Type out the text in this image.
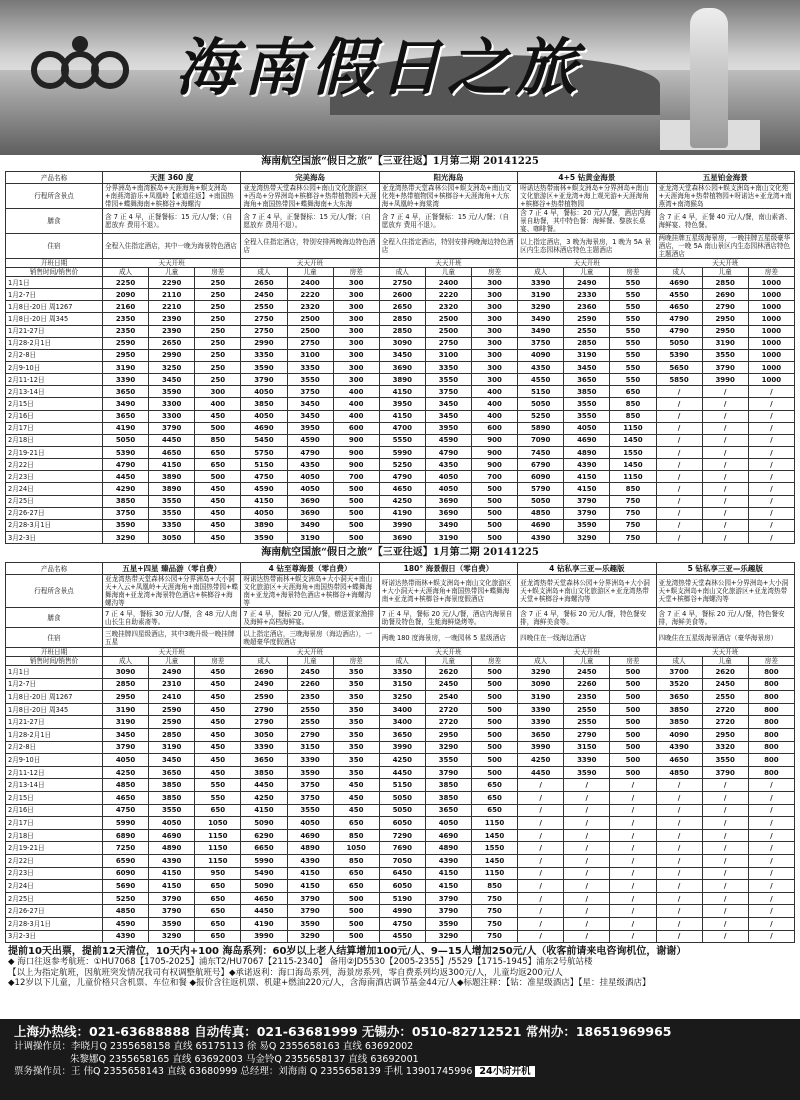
海南假日之旅
海南航空国旅“假日之旅”【三亚往返】1月第二期 20141225
产品名称	天涯 360 度			完美海岛			阳光海岛			4+5 钻黄金海景			五星铂金海景		
行程所含景点	分界洲岛+南湾猴岛+天涯海角+蜈支洲岛+南燕湾游乐+凤凰岭【索道往返】+南国热带园+蝶舞海南+槟榔谷+海螺沟			亚龙湾热带天堂森林公园+南山文化旅游区+西岛+分界洲岛+槟榔谷+热带植物园+天涯海角+南国热带园+蝶舞海南+大东海			亚龙湾热带天堂森林公园+蜈支洲岛+南山文化苑+热带植物园+槟榔谷+天涯海角+大东海+凤凰岭+海棠湾			呀诺达热带雨林+蜈支洲岛+分界洲岛+南山文化旅游区+亚龙湾+海上观光游+天涯海角+槟榔谷+热带植物园			亚龙湾天堂森林公园+蜈支洲岛+南山文化苑+天涯海角+热带植物园+呀诺达+亚龙湾+南燕湾+南湾猴岛		
膳食	含 7 正 4 早，正餐餐标：15 元/人/餐；（自愿放弃 费用不退）。			含 7 正 4 早，正餐餐标：15 元/人/餐；（自愿放弃 费用不退）。			含 7 正 4 早，正餐餐标：15 元/人/餐；（自愿放弃 费用不退）。			含 7 正 4 早，餐标：20 元/人/餐，酒店内海景自助餐，其中特色餐：海鲜餐、黎族长桌宴、咖啡餐。			含 7 正 4 早，正餐 40 元/人/餐，南山素斋、海鲜宴、特色餐。		
住宿	全程入住指定酒店，其中一晚为海景特色酒店			全程入住指定酒店，特别安排两晚海边特色酒店			全程入住指定酒店，特别安排两晚海边特色酒店			以上指定酒店，3 晚为海景房，1 晚为 5A 景区内生态园林酒店特色主题酒店			两晚挂牌五星级海景房，一晚挂牌五星级豪华酒店，一晚 5A 南山景区内生态园林酒店特色主题酒店		
开班日期	天天开班			天天开班			天天开班			天天开班			天天开班		
销售时间/销售价	成人	儿童	房差	成人	儿童	房差	成人	儿童	房差	成人	儿童	房差	成人	儿童	房差
1月1日	2250	2290	250	2650	2400	300	2750	2400	300	3390	2490	550	4690	2850	1000
1月2-7日	2090	2110	250	2450	2220	300	2600	2220	300	3190	2330	550	4550	2690	1000
1月8日-20日 周1267	2160	2210	250	2550	2320	300	2650	2320	300	3290	2360	550	4650	2790	1000
1月8日-20日 周345	2350	2390	250	2750	2500	300	2850	2500	300	3490	2590	550	4790	2950	1000
1月21-27日	2350	2390	250	2750	2500	300	2850	2500	300	3490	2550	550	4790	2950	1000
1月28-2月1日	2590	2650	250	2990	2750	300	3090	2750	300	3750	2850	550	5050	3190	1000
2月2-8日	2950	2990	250	3350	3100	300	3450	3100	300	4090	3190	550	5390	3550	1000
2月9-10日	3190	3250	250	3590	3350	300	3690	3350	300	4350	3450	550	5650	3790	1000
2月11-12日	3390	3450	250	3790	3550	300	3890	3550	300	4550	3650	550	5850	3990	1000
2月13-14日	3650	3590	300	4050	3750	400	4150	3750	400	5150	3850	650	/	/	/
2月15日	3490	3300	400	3850	3450	400	3950	3450	400	5050	3550	850	/	/	/
2月16日	3650	3300	450	4050	3450	400	4150	3450	400	5250	3550	850	/	/	/
2月17日	4190	3790	500	4690	3950	600	4700	3950	600	5890	4050	1150	/	/	/
2月18日	5050	4450	850	5450	4590	900	5550	4590	900	7090	4690	1450	/	/	/
2月19-21日	5390	4650	650	5750	4790	900	5990	4790	900	7450	4890	1550	/	/	/
2月22日	4790	4150	650	5150	4350	900	5250	4350	900	6790	4390	1450	/	/	/
2月23日	4450	3890	500	4750	4050	700	4790	4050	700	6090	4150	1150	/	/	/
2月24日	4290	3890	450	4590	4050	500	4650	4050	500	5790	4150	850	/	/	/
2月25日	3850	3550	450	4150	3690	500	4250	3690	500	5050	3790	750	/	/	/
2月26-27日	3750	3550	450	4050	3690	500	4190	3690	500	4850	3790	750	/	/	/
2月28-3月1日	3590	3350	450	3890	3490	500	3990	3490	500	4690	3590	750	/	/	/
3月2-3日	3290	3050	450	3590	3190	500	3690	3190	500	4390	3290	750	/	/	/
海南航空国旅“假日之旅”【三亚往返】1月第二期 20141225
产品名称	五星+四星 臻品游（零自费）			4 钻至尊海景（零自费）			180° 海景假日（零自费）			4 钻私享三亚—乐趣版			5 钻私享三亚—乐趣版		
行程所含景点	亚龙湾热带天堂森林公园+分界洲岛+大小洞天+入云+凤凰岭+天涯海角+南国热带园+蝶舞海南+亚龙湾+海景特色酒店+槟榔谷+海螺沟等			呀诺达热带雨林+蜈支洲岛+大小洞天+南山文化旅游区+天涯海角+南国热带园+蝶舞海南+亚龙湾+海景特色酒店+槟榔谷+海螺沟等			呀诺达热带雨林+蜈支洲岛+南山文化旅游区+大小洞天+天涯海角+南国热带园+蝶舞海南+亚龙湾+槟榔谷+海景度假酒店			亚龙湾热带天堂森林公园+分界洲岛+大小洞天+蜈支洲岛+南山文化旅游区+亚龙湾热带天堂+槟榔谷+海螺沟等			亚龙湾热带天堂森林公园+分界洲岛+大小洞天+蜈支洲岛+南山文化旅游区+亚龙湾热带天堂+槟榔谷+海螺沟等		
膳食	7 正 4 早，餐标 30 元/人/餐，含 48 元/人南山长生自助素斋等。			7 正 4 早，餐标 20 元/人/餐，赠送疍家渔排及海鲜+高档海鲜宴。			7 正 4 早，餐标 20 元/人/餐，酒店内海景自助餐及特色餐，生蚝海鲜烧烤等。			含 7 正 4 早，餐标 20 元/人/餐，特色餐安排，海鲜美食等。			含 7 正 4 早，餐标 20 元/人/餐，特色餐安排，海鲜美食等。		
住宿	三晚挂牌四星级酒店，其中3晚升级一晚挂牌五星			以上指定酒店，三晚海景房（海边酒店），一晚超豪华度假酒店			两晚 180 度海景房，一晚园林 5 星级酒店			四晚住在一线海边酒店			四晚住在五星级海景酒店（豪华海景房）		
开班日期	天天开班			天天开班			天天开班			天天开班			天天开班		
销售时间/销售价	成人	儿童	房差	成人	儿童	房差	成人	儿童	房差	成人	儿童	房差	成人	儿童	房差
1月1日	3090	2490	450	2690	2450	350	3350	2620	500	3290	2450	500	3700	2620	800
1月2-7日	2850	2310	450	2490	2260	350	3150	2450	500	3090	2260	500	3520	2450	800
1月8日-20日 周1267	2950	2410	450	2590	2350	350	3250	2540	500	3190	2350	500	3650	2550	800
1月8日-20日 周345	3190	2590	450	2790	2550	350	3400	2720	500	3390	2550	500	3850	2720	800
1月21-27日	3190	2590	450	2790	2550	350	3400	2720	500	3390	2550	500	3850	2720	800
1月28-2月1日	3450	2850	450	3050	2790	350	3650	2950	500	3650	2790	500	4090	2950	800
2月2-8日	3790	3190	450	3390	3150	350	3990	3290	500	3990	3150	500	4390	3320	800
2月9-10日	4050	3450	450	3650	3390	350	4250	3550	500	4250	3390	500	4650	3550	800
2月11-12日	4250	3650	450	3850	3590	350	4450	3790	500	4450	3590	500	4850	3790	800
2月13-14日	4850	3850	550	4450	3750	450	5150	3850	650	/	/	/	/	/	/
2月15日	4650	3850	550	4250	3750	450	5050	3850	650	/	/	/	/	/	/
2月16日	4750	3550	650	4150	3550	450	5050	3650	650	/	/	/	/	/	/
2月17日	5990	4050	1050	5090	4050	650	6050	4050	1150	/	/	/	/	/	/
2月18日	6890	4690	1150	6290	4690	850	7290	4690	1450	/	/	/	/	/	/
2月19-21日	7250	4890	1150	6650	4890	1050	7690	4890	1550	/	/	/	/	/	/
2月22日	6590	4390	1150	5990	4390	850	7050	4390	1450	/	/	/	/	/	/
2月23日	6090	4150	950	5490	4150	650	6450	4150	1150	/	/	/	/	/	/
2月24日	5690	4150	650	5090	4150	650	6050	4150	850	/	/	/	/	/	/
2月25日	5250	3790	650	4650	3790	500	5190	3790	750	/	/	/	/	/	/
2月26-27日	4850	3790	650	4450	3790	500	4990	3790	750	/	/	/	/	/	/
2月28-3月1日	4590	3590	650	4190	3590	500	4750	3590	750	/	/	/	/	/	/
3月2-3日	4390	3290	650	3990	3290	500	4550	3290	750	/	/	/	/	/	/
提前10天出票，提前12天清位，10天内+100 海岛系列：60岁以上老人结算增加100元/人、9—15人增加250元/人（收客前请来电咨询机位，谢谢）
◆ 海口往返参考航班：①HU7068【1705-2025】浦东T2/HU7067【2115-2340】 备用②JD5530【2005-2355】/5529【1715-1945】浦东2号航站楼
【以上为指定航班，因航班突发情况我司有权调整航班号】◆承诺返利：海口海岛系列，海景房系列，零自费系列均返300元/人，儿童均返200元/人
◆12岁以下儿童，儿童价格只含机票、车位和餐 ◆报价含往返机票、机建+燃油220元/人，含海南酒店调节基金44元/人◆标题注释：【钻：准星级酒店】【星：挂星级酒店】
上海办热线：021-63688888 自动传真：021-63681999 无锡办：0510-82712521 常州办：18651969965
计调操作员：李晓月Q 2355658158 直线 65175113 徐 易Q 2355658163 直线 63692002
朱黎娜Q 2355658165 直线 63692003 马金铃Q 2355658137 直线 63692001
票务操作员：王 伟Q 2355658143 直线 63680999 总经理：刘海南 Q 2355658139 手机 13901745996 24小时开机
